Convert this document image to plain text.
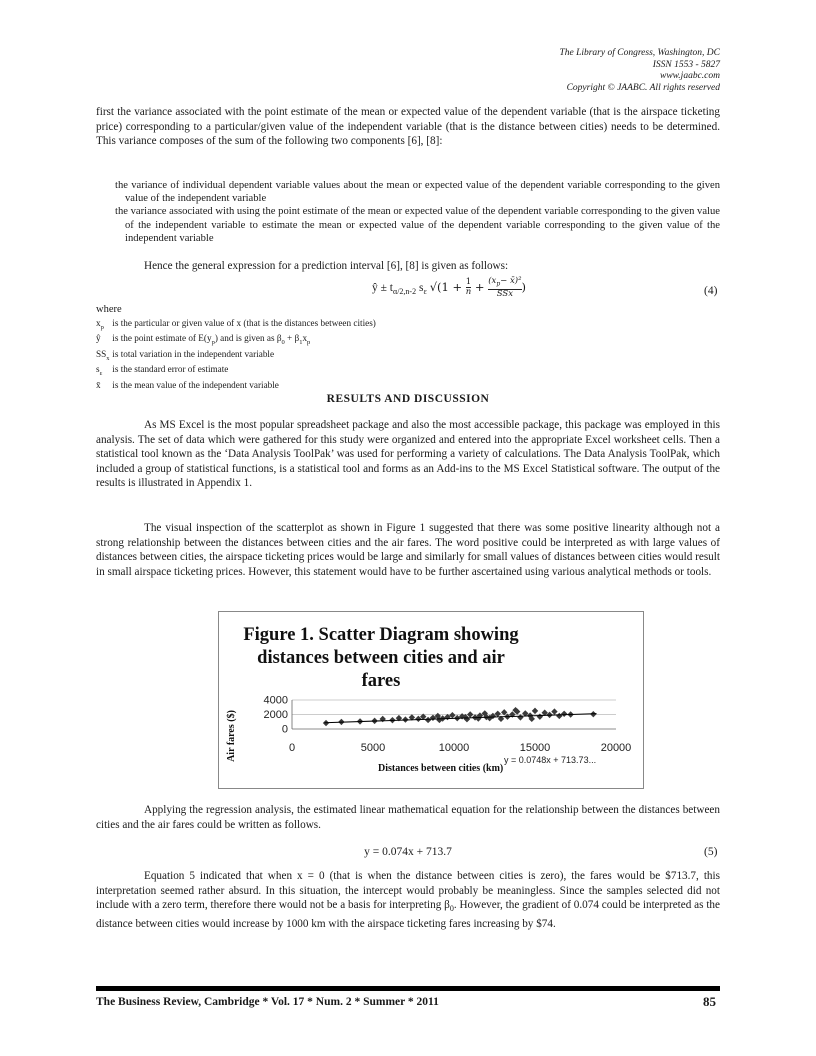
The Library of Congress, Washington, DC
ISSN 1553 - 5827
www.jaabc.com
Copyright © JAABC. All rights reserved

first the variance associated with the point estimate of the mean or expected value of the dependent variable (that is the airspace ticketing price) corresponding to a particular/given value of the independent variable (that is the distance between cities) needs to be determined. This variance composes of the sum of the following two components [6], [8]:

the variance of individual dependent variable values about the mean or expected value of the dependent variable corresponding to the given value of the independent variable
the variance associated with using the point estimate of the mean or expected value of the dependent variable corresponding to the given value of the independent variable to estimate the mean or expected value of the dependent variable corresponding to the given value of the independent variable

Hence the general expression for a prediction interval [6], [8] is given as follows:

ŷ ± $t_{\alpha/2,n-2}$ $s_\varepsilon$ $√(1 + \frac{1}{n} + (x_p-$ x̄)²
SSx )	(4)
where
$x_p$ is the particular or given value of x (that is the distances between cities)
ŷ is the point estimate of $E(y_p)$ and is given as $\beta_0 + \beta_1x_p$
$SS_x$ is total variation in the independent variable
$s_\varepsilon$ is the standard error of estimate
x̄ is the mean value of the independent variable
RESULTS AND DISCUSSION

As MS Excel is the most popular spreadsheet package and also the most accessible package, this package was employed in this analysis. The set of data which were gathered for this study were organized and entered into the appropriate Excel worksheet cells. Then a statistical tool known as the ‘Data Analysis ToolPak’ was used for performing a variety of calculations. The Data Analysis ToolPak, which included a group of statistical functions, is a statistical tool and forms as an Add-ins to the MS Excel Statistical software. The output of the results is illustrated in Appendix 1.

The visual inspection of the scatterplot as shown in Figure 1 suggested that there was some positive linearity although not a strong relationship between the distances between cities and the air fares. The word positive could be interpreted as with large values of distances between cities, the airspace ticketing prices would be large and similarly for small values of distances between cities would result in small airspace ticketing prices. However, this statement would have to be further ascertained using various analytical methods or tools.

Figure 1. Scatter Diagram showing
distances between cities and air
fares
0
2000
4000
0	5000	10000	15000	20000
Air fares ($)
Distances between cities (km)
y = 0.0748x + 713.73...

Applying the regression analysis, the estimated linear mathematical equation for the relationship between the distances between cities and the air fares could be written as follows.

y = 0.074x + 713.7	(5)

Equation 5 indicated that when x = 0 (that is when the distance between cities is zero), the fares would be $713.7, this interpretation seemed rather absurd. In this situation, the intercept would probably be meaningless. Since the samples selected did not include with a zero term, therefore there would not be a basis for interpreting $\beta_0$. However, the gradient of 0.074 could be interpreted as the distance between cities would increase by 1000 km with the airspace ticketing fares increasing by $74.

The Business Review, Cambridge * Vol. 17 * Num. 2 * Summer * 2011	85
